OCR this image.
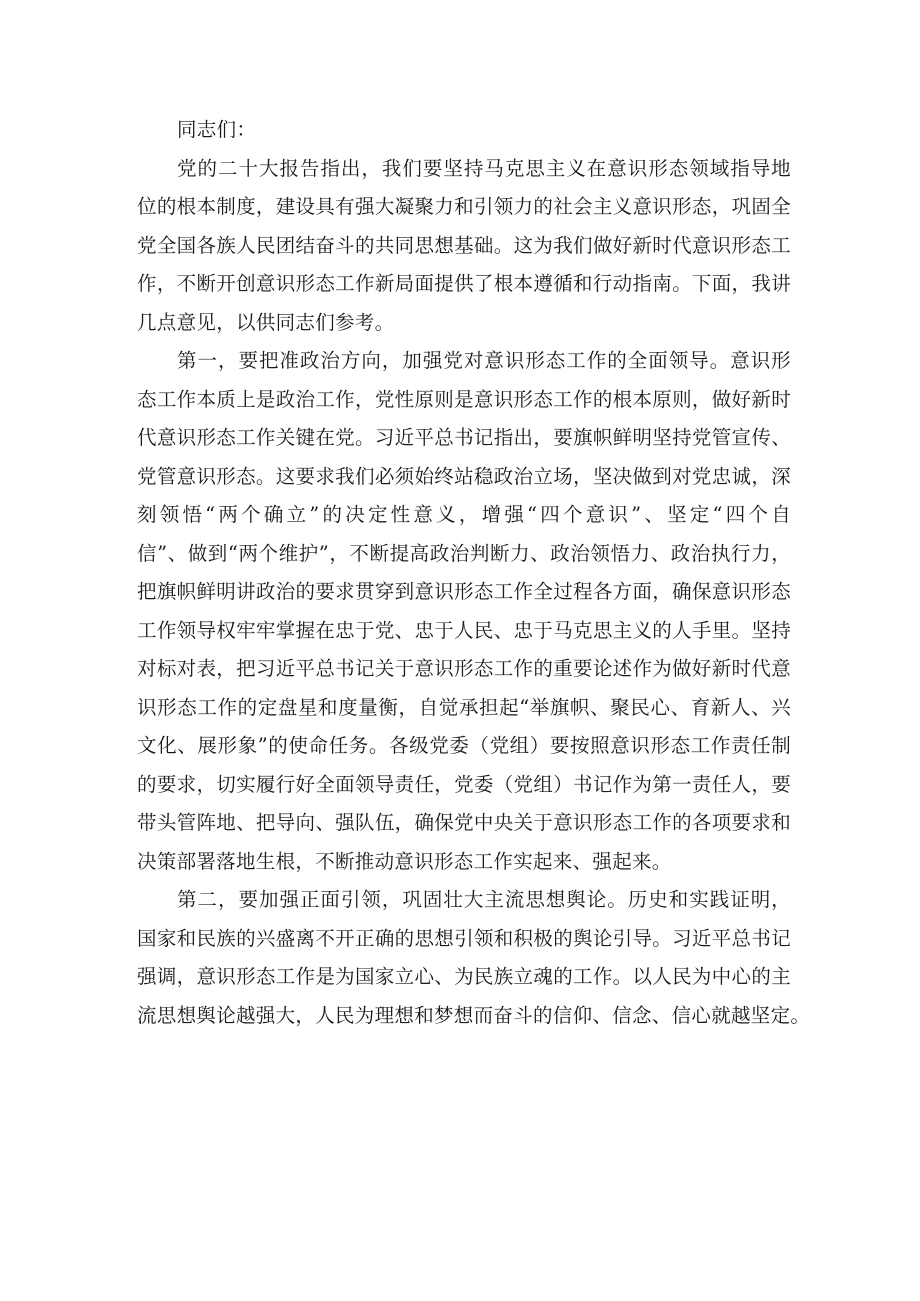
同志们：
党的二十大报告指出，我们要坚持马克思主义在意识形态领域指导地
位的根本制度，建设具有强大凝聚力和引领力的社会主义意识形态，巩固全
党全国各族人民团结奋斗的共同思想基础。这为我们做好新时代意识形态工
作，不断开创意识形态工作新局面提供了根本遵循和行动指南。下面，我讲
几点意见，以供同志们参考。
第一，要把准政治方向，加强党对意识形态工作的全面领导。意识形
态工作本质上是政治工作，党性原则是意识形态工作的根本原则，做好新时
代意识形态工作关键在党。习近平总书记指出，要旗帜鲜明坚持党管宣传、
党管意识形态。这要求我们必须始终站稳政治立场，坚决做到对党忠诚，深
刻领悟“两个确立”的决定性意义，增强“四个意识”、坚定“四个自
信”、做到“两个维护”，不断提高政治判断力、政治领悟力、政治执行力，
把旗帜鲜明讲政治的要求贯穿到意识形态工作全过程各方面，确保意识形态
工作领导权牢牢掌握在忠于党、忠于人民、忠于马克思主义的人手里。坚持
对标对表，把习近平总书记关于意识形态工作的重要论述作为做好新时代意
识形态工作的定盘星和度量衡，自觉承担起“举旗帜、聚民心、育新人、兴
文化、展形象”的使命任务。各级党委（党组）要按照意识形态工作责任制
的要求，切实履行好全面领导责任，党委（党组）书记作为第一责任人，要
带头管阵地、把导向、强队伍，确保党中央关于意识形态工作的各项要求和
决策部署落地生根，不断推动意识形态工作实起来、强起来。
第二，要加强正面引领，巩固壮大主流思想舆论。历史和实践证明，
国家和民族的兴盛离不开正确的思想引领和积极的舆论引导。习近平总书记
强调，意识形态工作是为国家立心、为民族立魂的工作。以人民为中心的主
流思想舆论越强大，人民为理想和梦想而奋斗的信仰、信念、信心就越坚定。
